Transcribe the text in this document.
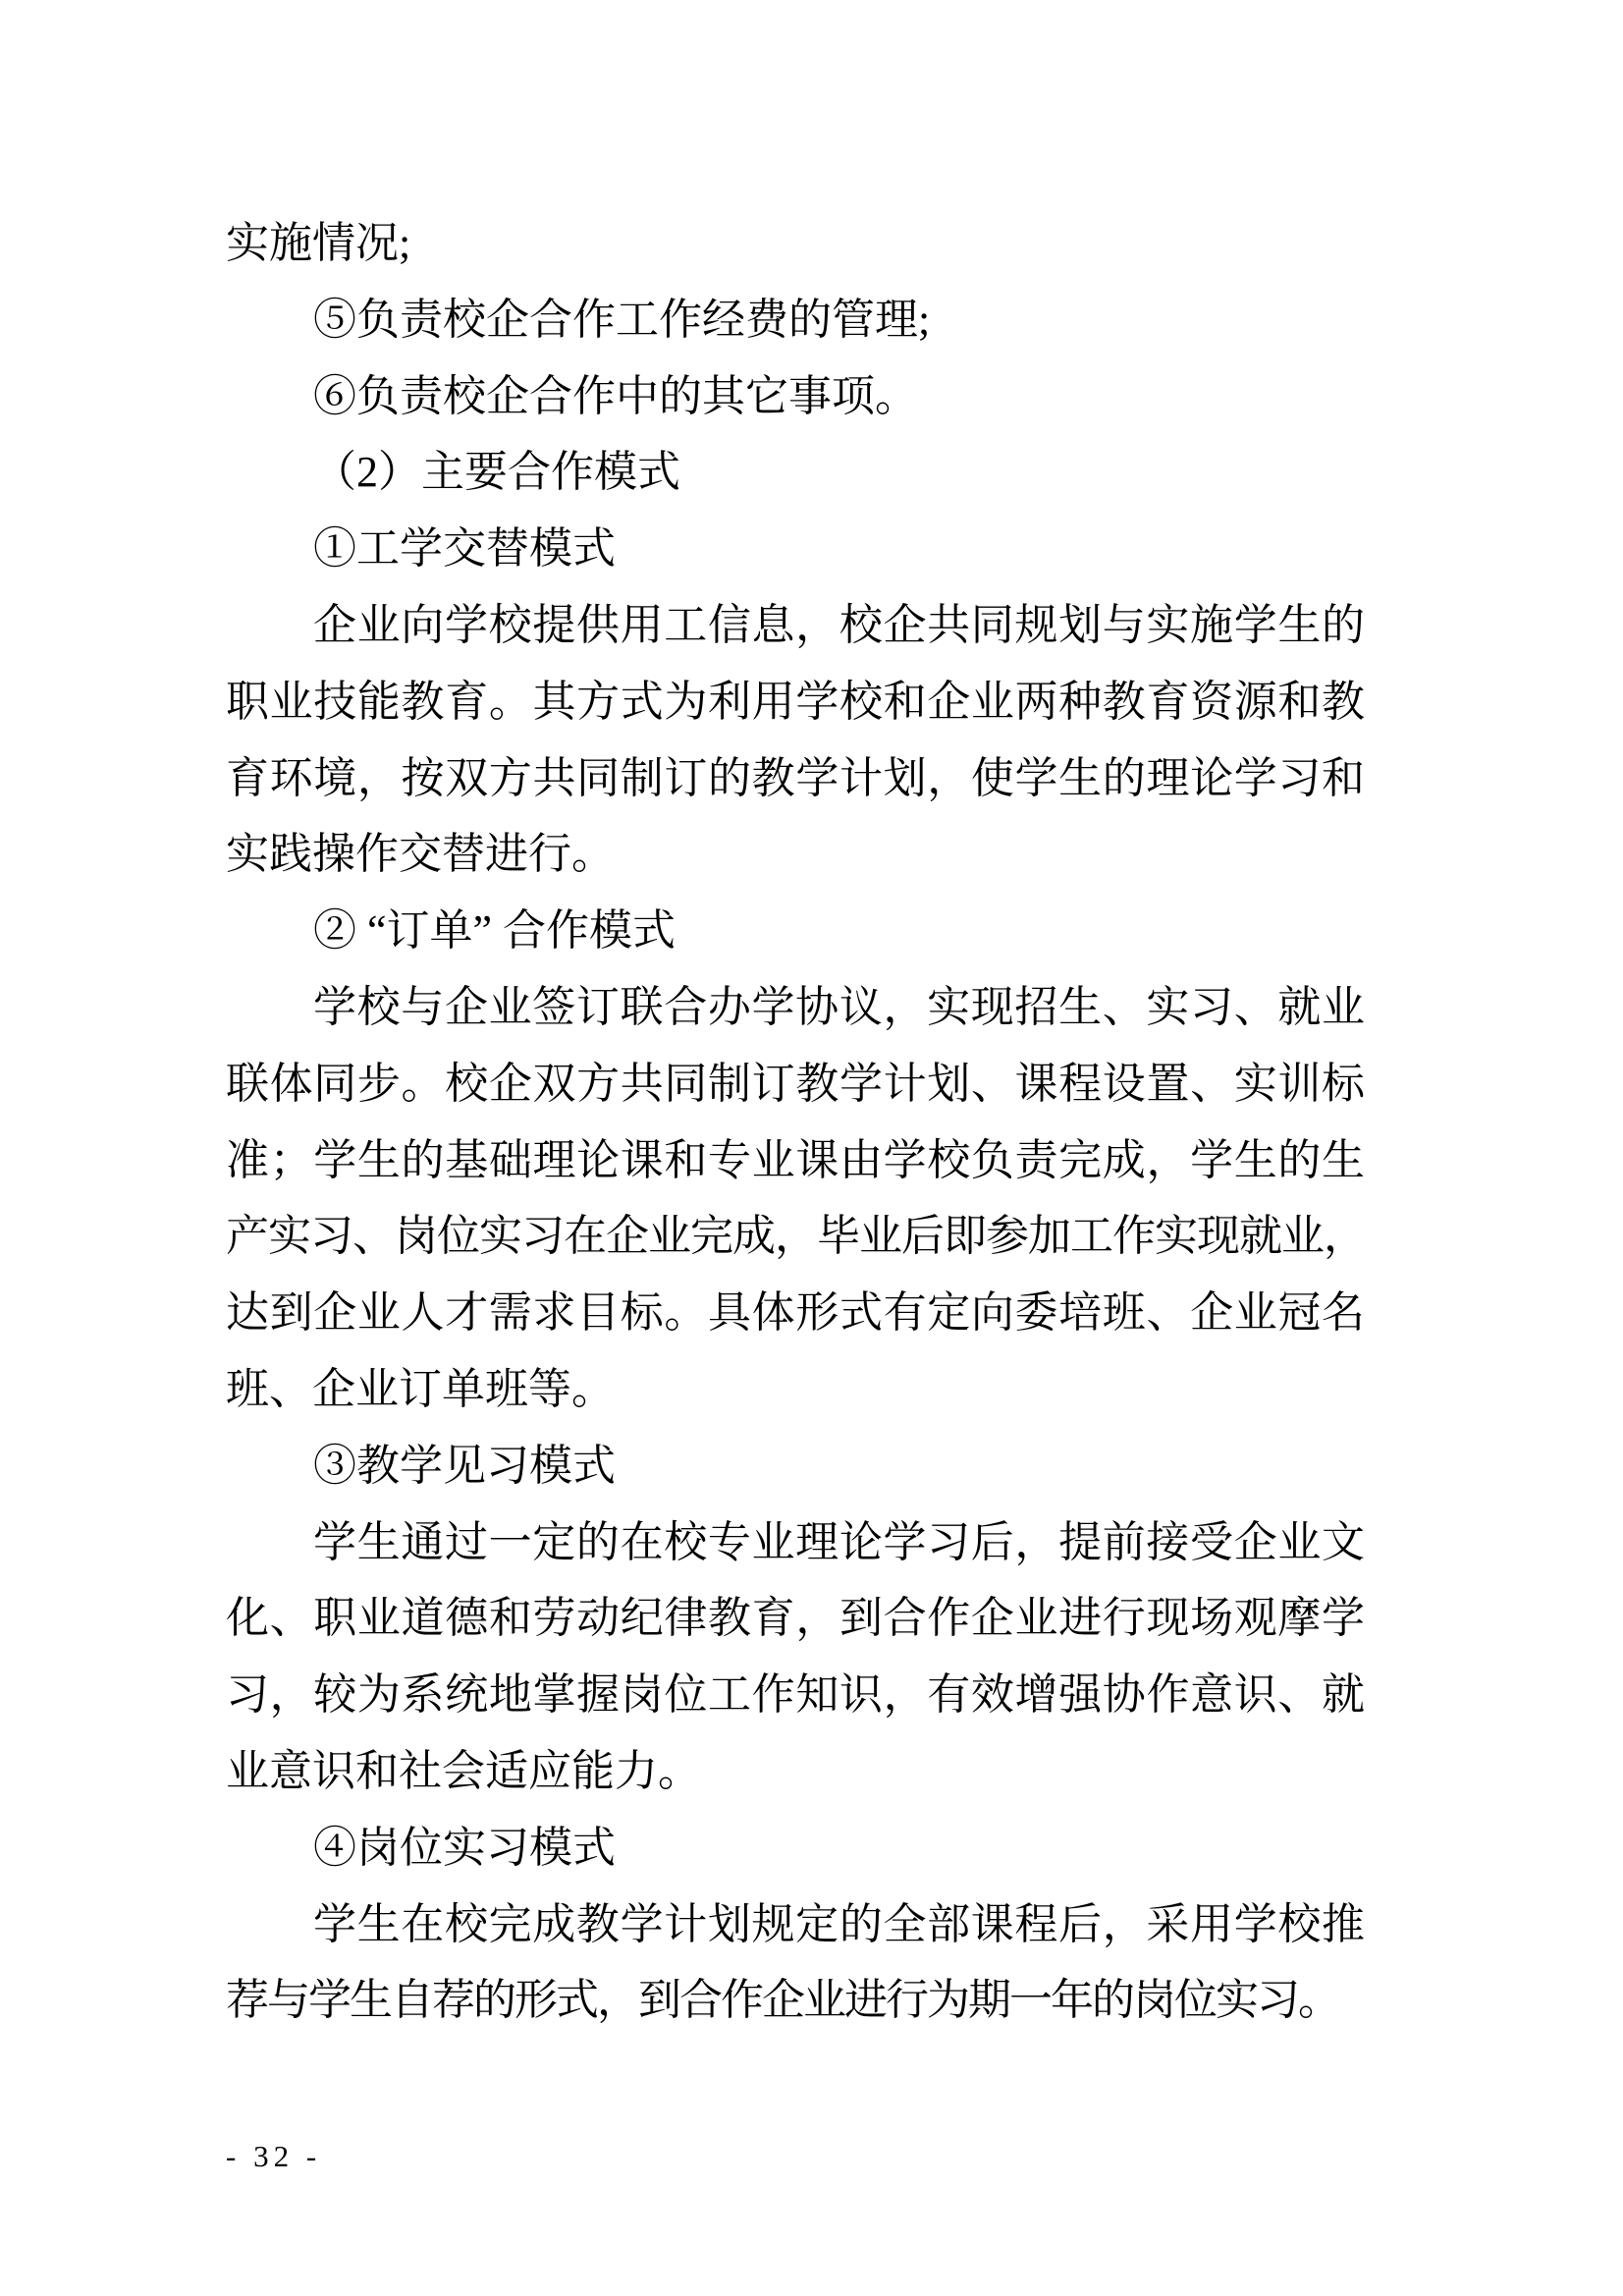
实施情况;
⑤负责校企合作工作经费的管理;
⑥负责校企合作中的其它事项。
（2）主要合作模式
①工学交替模式
企业向学校提供用工信息，校企共同规划与实施学生的
职业技能教育。其方式为利用学校和企业两种教育资源和教
育环境，按双方共同制订的教学计划，使学生的理论学习和
实践操作交替进行。
② “订单” 合作模式
学校与企业签订联合办学协议，实现招生、实习、就业
联体同步。校企双方共同制订教学计划、课程设置、实训标
准；学生的基础理论课和专业课由学校负责完成，学生的生
产实习、岗位实习在企业完成，毕业后即参加工作实现就业，
达到企业人才需求目标。具体形式有定向委培班、企业冠名
班、企业订单班等。
③教学见习模式
学生通过一定的在校专业理论学习后，提前接受企业文
化、职业道德和劳动纪律教育，到合作企业进行现场观摩学
习，较为系统地掌握岗位工作知识，有效增强协作意识、就
业意识和社会适应能力。
④岗位实习模式
学生在校完成教学计划规定的全部课程后，采用学校推
荐与学生自荐的形式，到合作企业进行为期一年的岗位实习。
- 32 -
